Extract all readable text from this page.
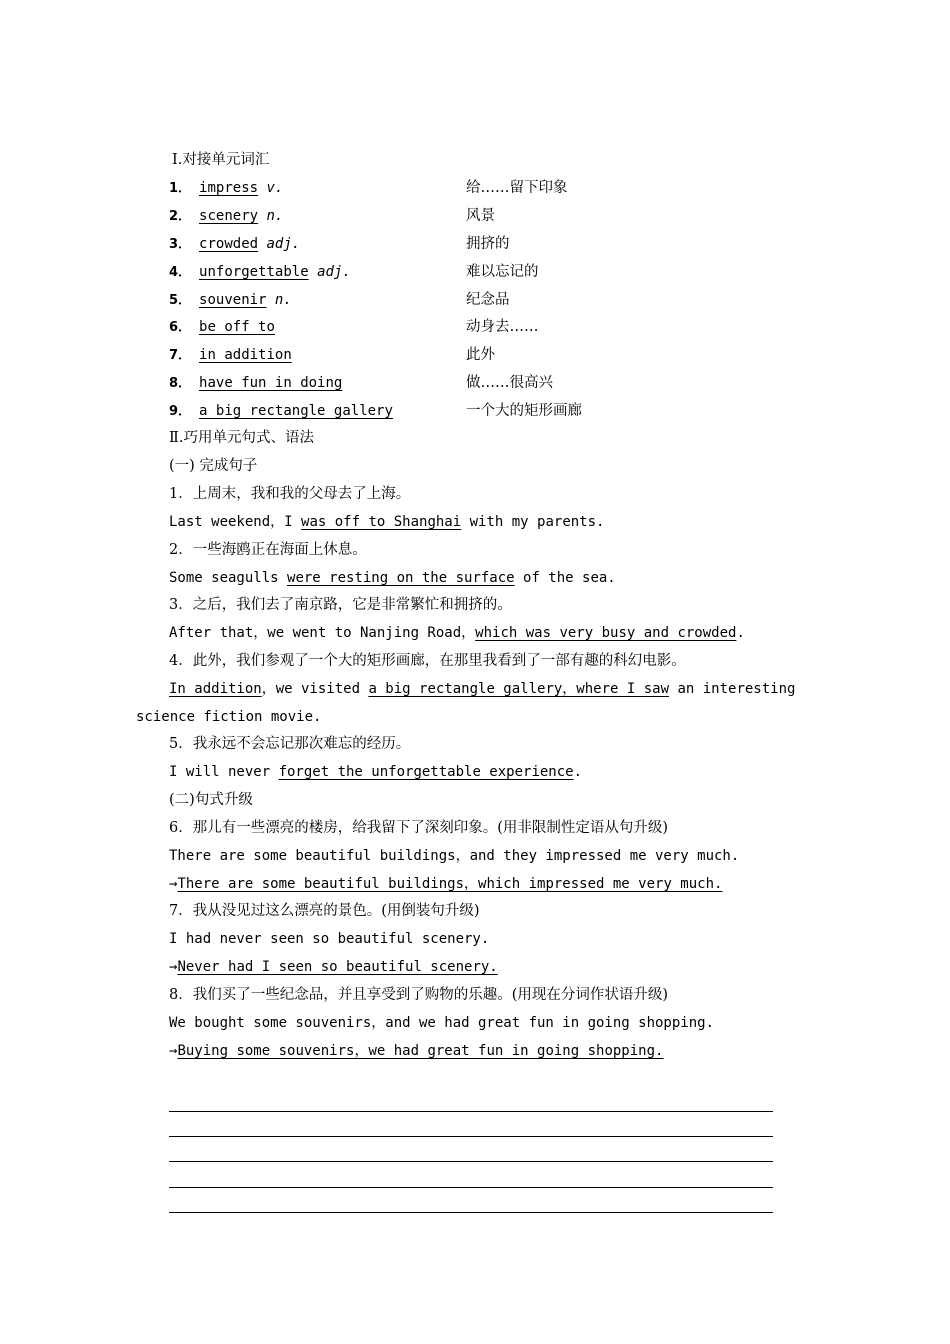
Ⅰ.对接单元词汇
1． impress v.	给……留下印象
2． scenery n.	风景
3． crowded adj.	拥挤的
4． unforgettable adj.	难以忘记的
5． souvenir n.	纪念品
6． be off to	动身去……
7． in addition	此外
8． have fun in doing	做……很高兴
9． a big rectangle gallery	一个大的矩形画廊
Ⅱ.巧用单元句式、语法
(一) 完成句子
1．上周末，我和我的父母去了上海。
Last weekend，I was off to Shanghai with my parents.
2．一些海鸥正在海面上休息。
Some seagulls were resting on the surface of the sea.
3．之后，我们去了南京路，它是非常繁忙和拥挤的。
After that，we went to Nanjing Road，which was very busy and crowded.
4．此外，我们参观了一个大的矩形画廊，在那里我看到了一部有趣的科幻电影。
In addition，we visited a big rectangle gallery，where I saw an interesting
science fiction movie.
5．我永远不会忘记那次难忘的经历。
I will never forget the unforgettable experience.
(二)句式升级
6．那儿有一些漂亮的楼房，给我留下了深刻印象。(用非限制性定语从句升级)
There are some beautiful buildings，and they impressed me very much.
→There are some beautiful buildings，which impressed me very much.
7．我从没见过这么漂亮的景色。(用倒装句升级)
I had never seen so beautiful scenery.
→Never had I seen so beautiful scenery.
8．我们买了一些纪念品，并且享受到了购物的乐趣。(用现在分词作状语升级)
We bought some souvenirs，and we had great fun in going shopping.
→Buying some souvenirs，we had great fun in going shopping.
